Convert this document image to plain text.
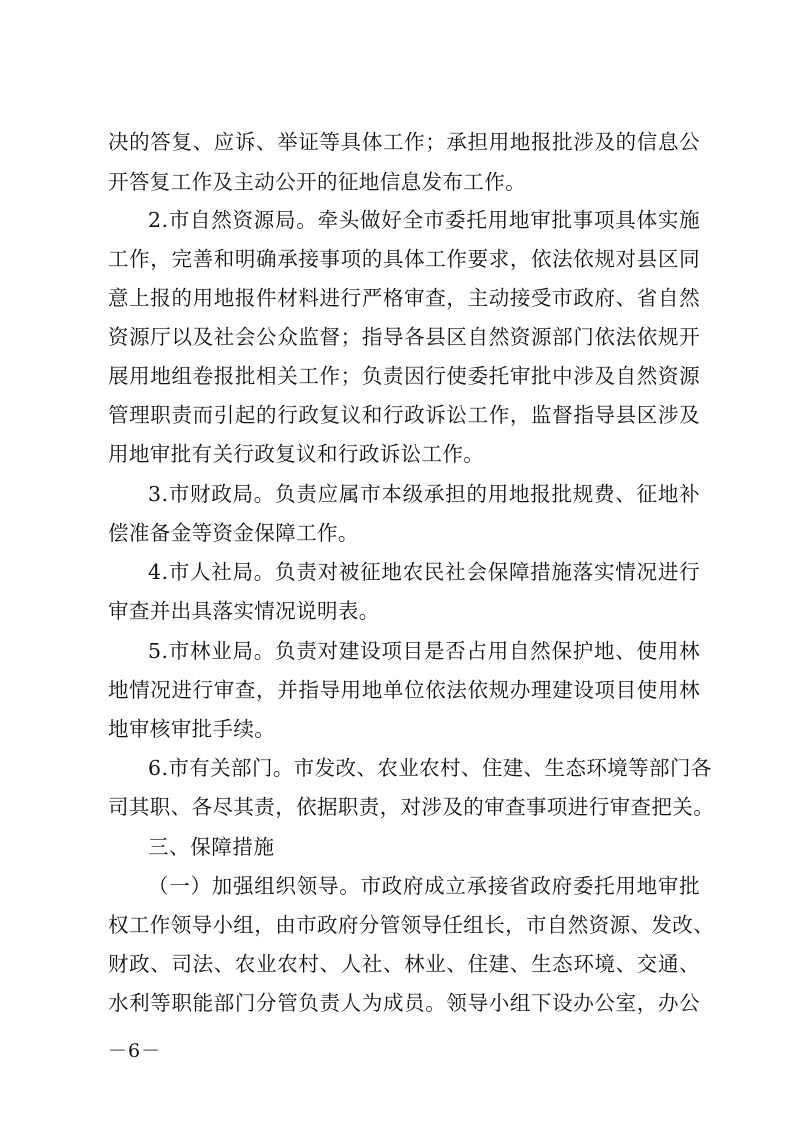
决的答复、应诉、举证等具体工作；承担用地报批涉及的信息公
开答复工作及主动公开的征地信息发布工作。
2.市自然资源局。牵头做好全市委托用地审批事项具体实施
工作，完善和明确承接事项的具体工作要求，依法依规对县区同
意上报的用地报件材料进行严格审查，主动接受市政府、省自然
资源厅以及社会公众监督；指导各县区自然资源部门依法依规开
展用地组卷报批相关工作；负责因行使委托审批中涉及自然资源
管理职责而引起的行政复议和行政诉讼工作，监督指导县区涉及
用地审批有关行政复议和行政诉讼工作。
3.市财政局。负责应属市本级承担的用地报批规费、征地补
偿准备金等资金保障工作。
4.市人社局。负责对被征地农民社会保障措施落实情况进行
审查并出具落实情况说明表。
5.市林业局。负责对建设项目是否占用自然保护地、使用林
地情况进行审查，并指导用地单位依法依规办理建设项目使用林
地审核审批手续。
6.市有关部门。市发改、农业农村、住建、生态环境等部门各
司其职、各尽其责，依据职责，对涉及的审查事项进行审查把关。
三、保障措施
（一）加强组织领导。市政府成立承接省政府委托用地审批
权工作领导小组，由市政府分管领导任组长，市自然资源、发改、
财政、司法、农业农村、人社、林业、住建、生态环境、交通、
水利等职能部门分管负责人为成员。领导小组下设办公室，办公
－6－
